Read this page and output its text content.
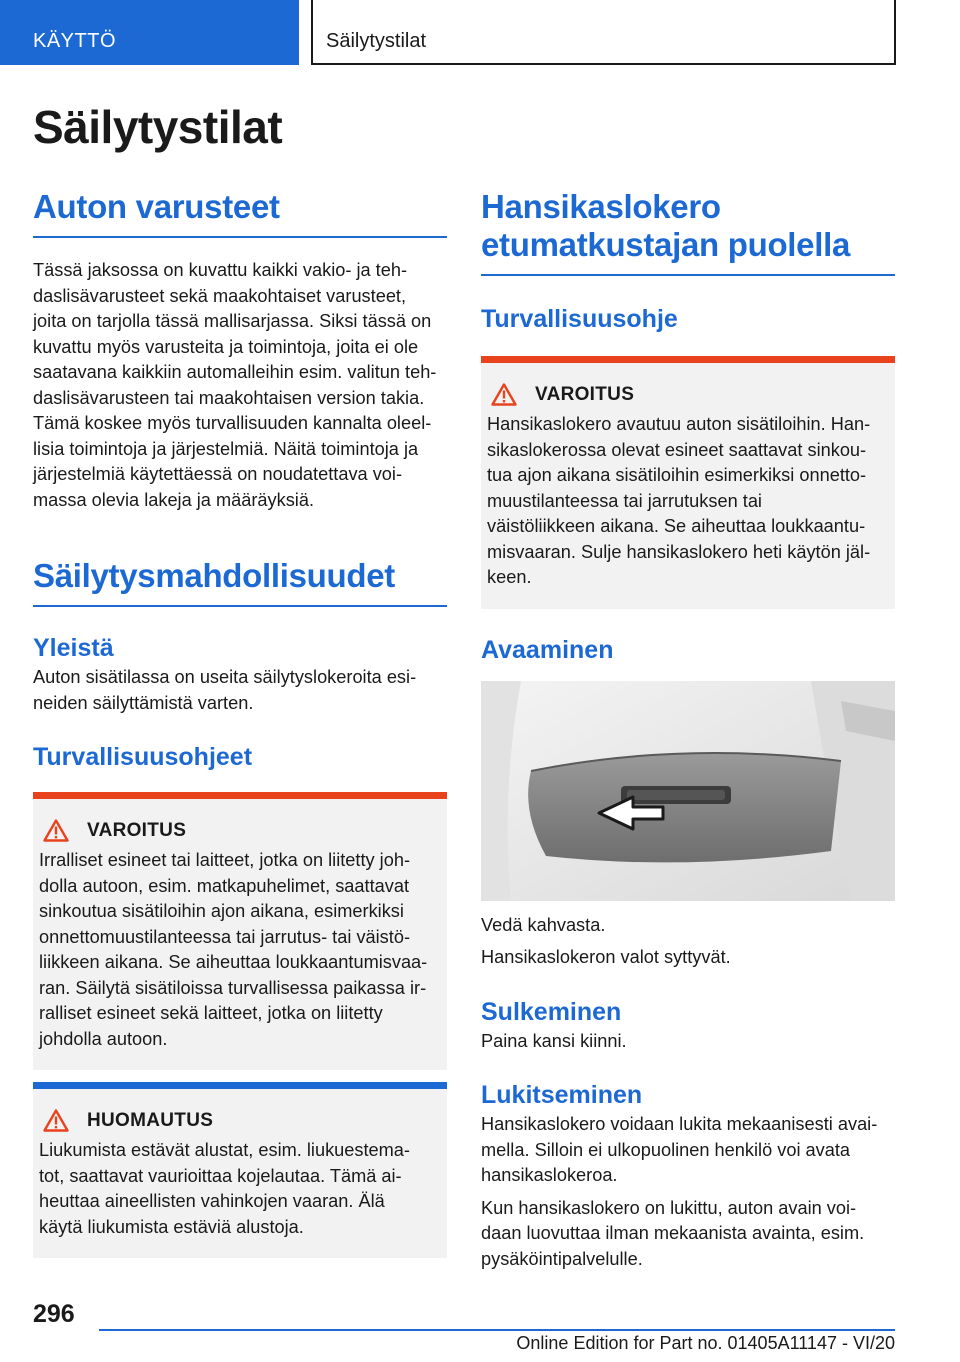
KÄYTTÖ	Säilytystilat
Säilytystilat
Auton varusteet
Tässä jaksossa on kuvattu kaikki vakio- ja teh-
daslisävarusteet sekä maakohtaiset varusteet,
joita on tarjolla tässä mallisarjassa. Siksi tässä on
kuvattu myös varusteita ja toimintoja, joita ei ole
saatavana kaikkiin automalleihin esim. valitun teh-
daslisävarusteen tai maakohtaisen version takia.
Tämä koskee myös turvallisuuden kannalta oleel-
lisia toimintoja ja järjestelmiä. Näitä toimintoja ja
järjestelmiä käytettäessä on noudatettava voi-
massa olevia lakeja ja määräyksiä.
Säilytysmahdollisuudet
Yleistä
Auton sisätilassa on useita säilytyslokeroita esi-
neiden säilyttämistä varten.
Turvallisuusohjeet
VAROITUS
Irralliset esineet tai laitteet, jotka on liitetty joh-
dolla autoon, esim. matkapuhelimet, saattavat
sinkoutua sisätiloihin ajon aikana, esimerkiksi
onnettomuustilanteessa tai jarrutus- tai väistö-
liikkeen aikana. Se aiheuttaa loukkaantumisvaa-
ran. Säilytä sisätiloissa turvallisessa paikassa ir-
ralliset esineet sekä laitteet, jotka on liitetty
johdolla autoon.
HUOMAUTUS
Liukumista estävät alustat, esim. liukuestema-
tot, saattavat vaurioittaa kojelautaa. Tämä ai-
heuttaa aineellisten vahinkojen vaaran. Älä
käytä liukumista estäviä alustoja.
Hansikaslokero
etumatkustajan puolella
Turvallisuusohje
VAROITUS
Hansikaslokero avautuu auton sisätiloihin. Han-
sikaslokerossa olevat esineet saattavat sinkou-
tua ajon aikana sisätiloihin esimerkiksi onnetto-
muustilanteessa tai jarrutuksen tai
väistöliikkeen aikana. Se aiheuttaa loukkaantu-
misvaaran. Sulje hansikaslokero heti käytön jäl-
keen.
Avaaminen
Vedä kahvasta.
Hansikaslokeron valot syttyvät.
Sulkeminen
Paina kansi kiinni.
Lukitseminen
Hansikaslokero voidaan lukita mekaanisesti avai-
mella. Silloin ei ulkopuolinen henkilö voi avata
hansikaslokeroa.
Kun hansikaslokero on lukittu, auton avain voi-
daan luovuttaa ilman mekaanista avainta, esim.
pysäköintipalvelulle.
296
Online Edition for Part no. 01405A11147 - VI/20
